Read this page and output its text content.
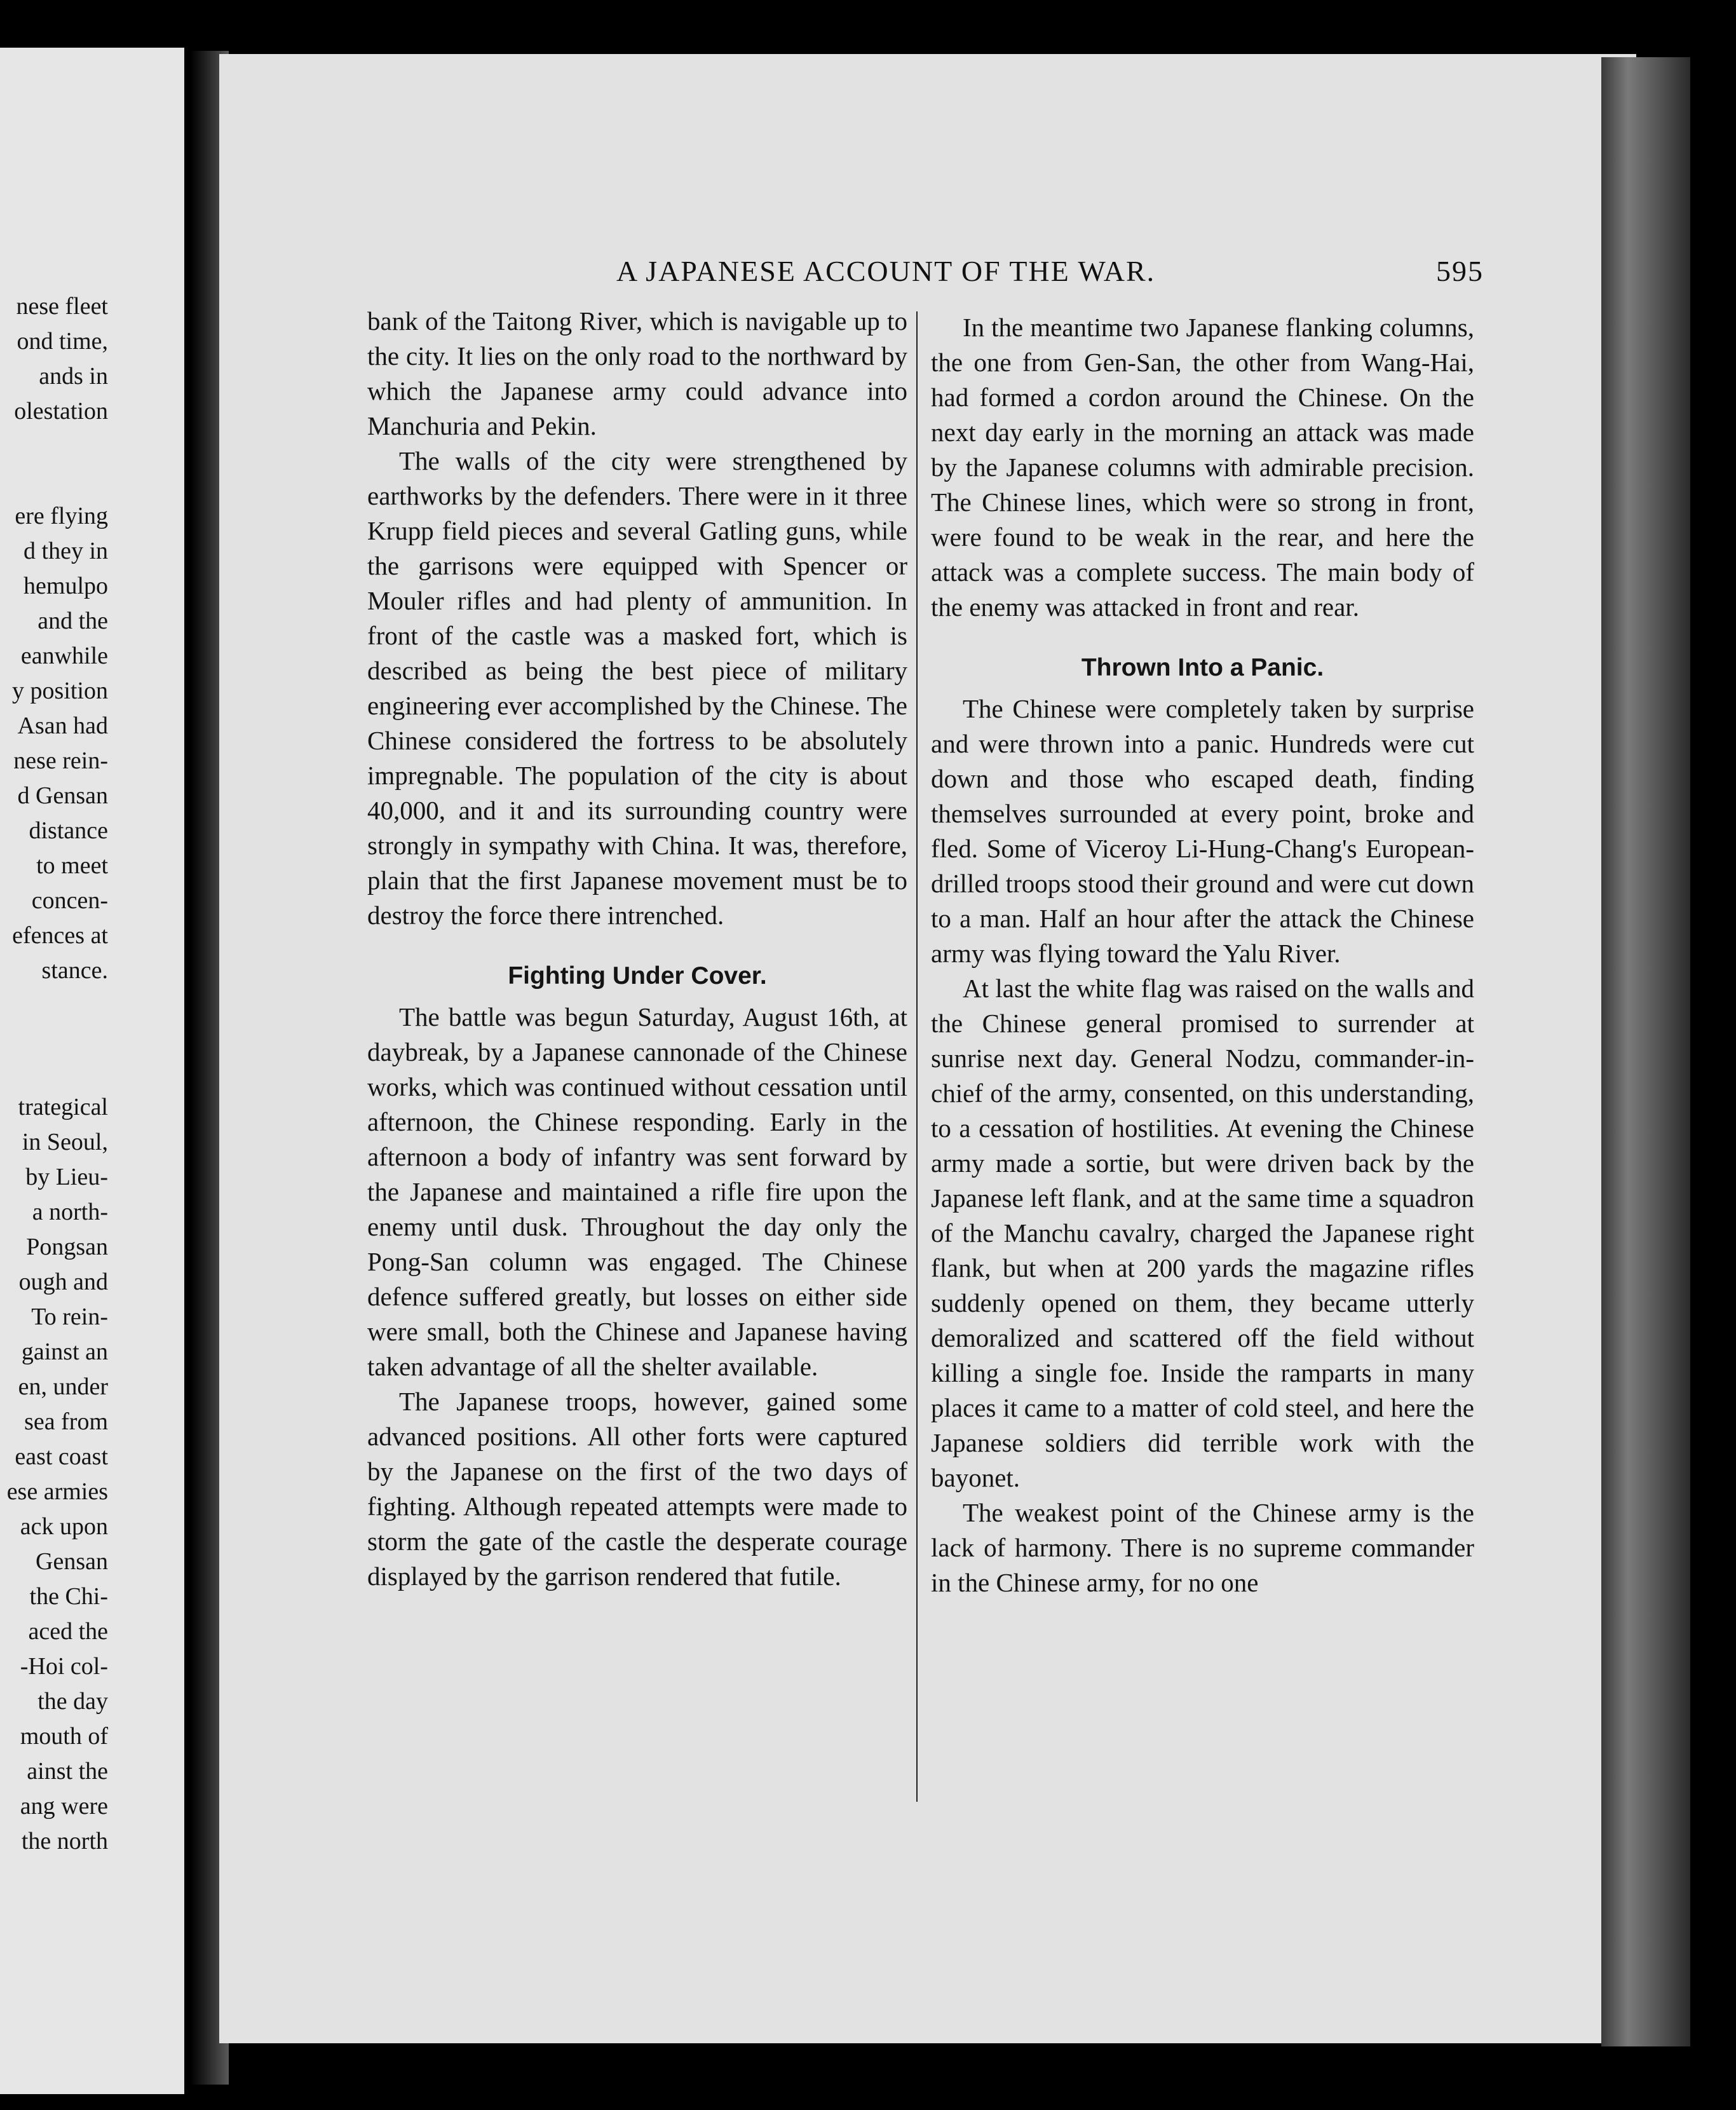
nese fleet
ond time,
ands in
olestation
ere flying
d they in
hemulpo
and the
eanwhile
y position
Asan had
nese rein-
d Gensan
distance
to meet
concen-
efences at
stance.
trategical
in Seoul,
by Lieu-
a north-
Pongsan
ough and
To rein-
gainst an
en, under
sea from
east coast
ese armies
ack upon
Gensan
the Chi-
aced the
-Hoi col-
the day
mouth of
ainst the
ang were
the north
A JAPANESE ACCOUNT OF THE WAR.	595

bank of the Taitong River, which is navigable up to the city. It lies on the only road to the northward by which the Japanese army could advance into Manchuria and Pekin.

The walls of the city were strengthened by earthworks by the defenders. There were in it three Krupp field pieces and several Gatling guns, while the garrisons were equipped with Spencer or Mouler rifles and had plenty of ammunition. In front of the castle was a masked fort, which is described as being the best piece of military engineering ever accomplished by the Chinese. The Chinese considered the fortress to be absolutely impregnable. The population of the city is about 40,000, and it and its surrounding country were strongly in sympathy with China. It was, therefore, plain that the first Japanese movement must be to destroy the force there intrenched.

Fighting Under Cover.

The battle was begun Saturday, August 16th, at daybreak, by a Japanese cannonade of the Chinese works, which was continued without cessation until afternoon, the Chinese responding. Early in the afternoon a body of infantry was sent forward by the Japanese and maintained a rifle fire upon the enemy until dusk. Throughout the day only the Pong-San column was engaged. The Chinese defence suffered greatly, but losses on either side were small, both the Chinese and Japanese having taken advantage of all the shelter available.

The Japanese troops, however, gained some advanced positions. All other forts were captured by the Japanese on the first of the two days of fighting. Although repeated attempts were made to storm the gate of the castle the desperate courage displayed by the garrison rendered that futile.

In the meantime two Japanese flanking columns, the one from Gen-San, the other from Wang-Hai, had formed a cordon around the Chinese. On the next day early in the morning an attack was made by the Japanese columns with admirable precision. The Chinese lines, which were so strong in front, were found to be weak in the rear, and here the attack was a complete success. The main body of the enemy was attacked in front and rear.

Thrown Into a Panic.

The Chinese were completely taken by surprise and were thrown into a panic. Hundreds were cut down and those who escaped death, finding themselves surrounded at every point, broke and fled. Some of Viceroy Li-Hung-Chang's European-drilled troops stood their ground and were cut down to a man. Half an hour after the attack the Chinese army was flying toward the Yalu River.

At last the white flag was raised on the walls and the Chinese general promised to surrender at sunrise next day. General Nodzu, commander-in-chief of the army, consented, on this understanding, to a cessation of hostilities. At evening the Chinese army made a sortie, but were driven back by the Japanese left flank, and at the same time a squadron of the Manchu cavalry, charged the Japanese right flank, but when at 200 yards the magazine rifles suddenly opened on them, they became utterly demoralized and scattered off the field without killing a single foe. Inside the ramparts in many places it came to a matter of cold steel, and here the Japanese soldiers did terrible work with the bayonet.

The weakest point of the Chinese army is the lack of harmony. There is no supreme commander in the Chinese army, for no one
